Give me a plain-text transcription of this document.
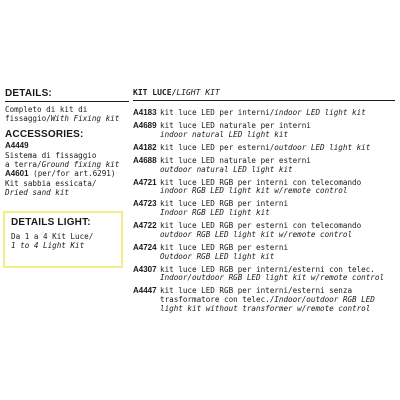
DETAILS:
Completo di kit di
fissaggio/With Fixing kit
ACCESSORIES:
A4449
Sistema di fissaggio
a terra/Ground fixing kit
A4601 (per/for art.6291)
Kit sabbia essicata/
Dried sand kit
DETAILS LIGHT:
Da 1 a 4 Kit Luce/
1 to 4 Light Kit
KIT LUCE/LIGHT KIT
A4183 kit luce LED per interni/indoor LED light kit
A4689 kit luce LED naturale per interni
indoor natural LED light kit
A4182 kit luce LED per esterni/outdoor LED light kit
A4688 kit luce LED naturale per esterni
outdoor natural LED light kit
A4721 kit luce LED RGB per interni con telecomando
indoor RGB LED light kit w/remote control
A4723 kit luce LED RGB per interni
Indoor RGB LED light kit
A4722 kit luce LED RGB per esterni con telecomando
outdoor RGB LED light kit w/remote control
A4724 kit luce LED RGB per esterni
Outdoor RGB LED light kit
A4307 kit luce LED RGB per interni/esterni con telec.
Indoor/outdoor RGB LED light kit w/remote control
A4447 kit luce LED RGB per interni/esterni senza
trasformatore con telec./Indoor/outdoor RGB LED
light kit without transformer w/remote control
